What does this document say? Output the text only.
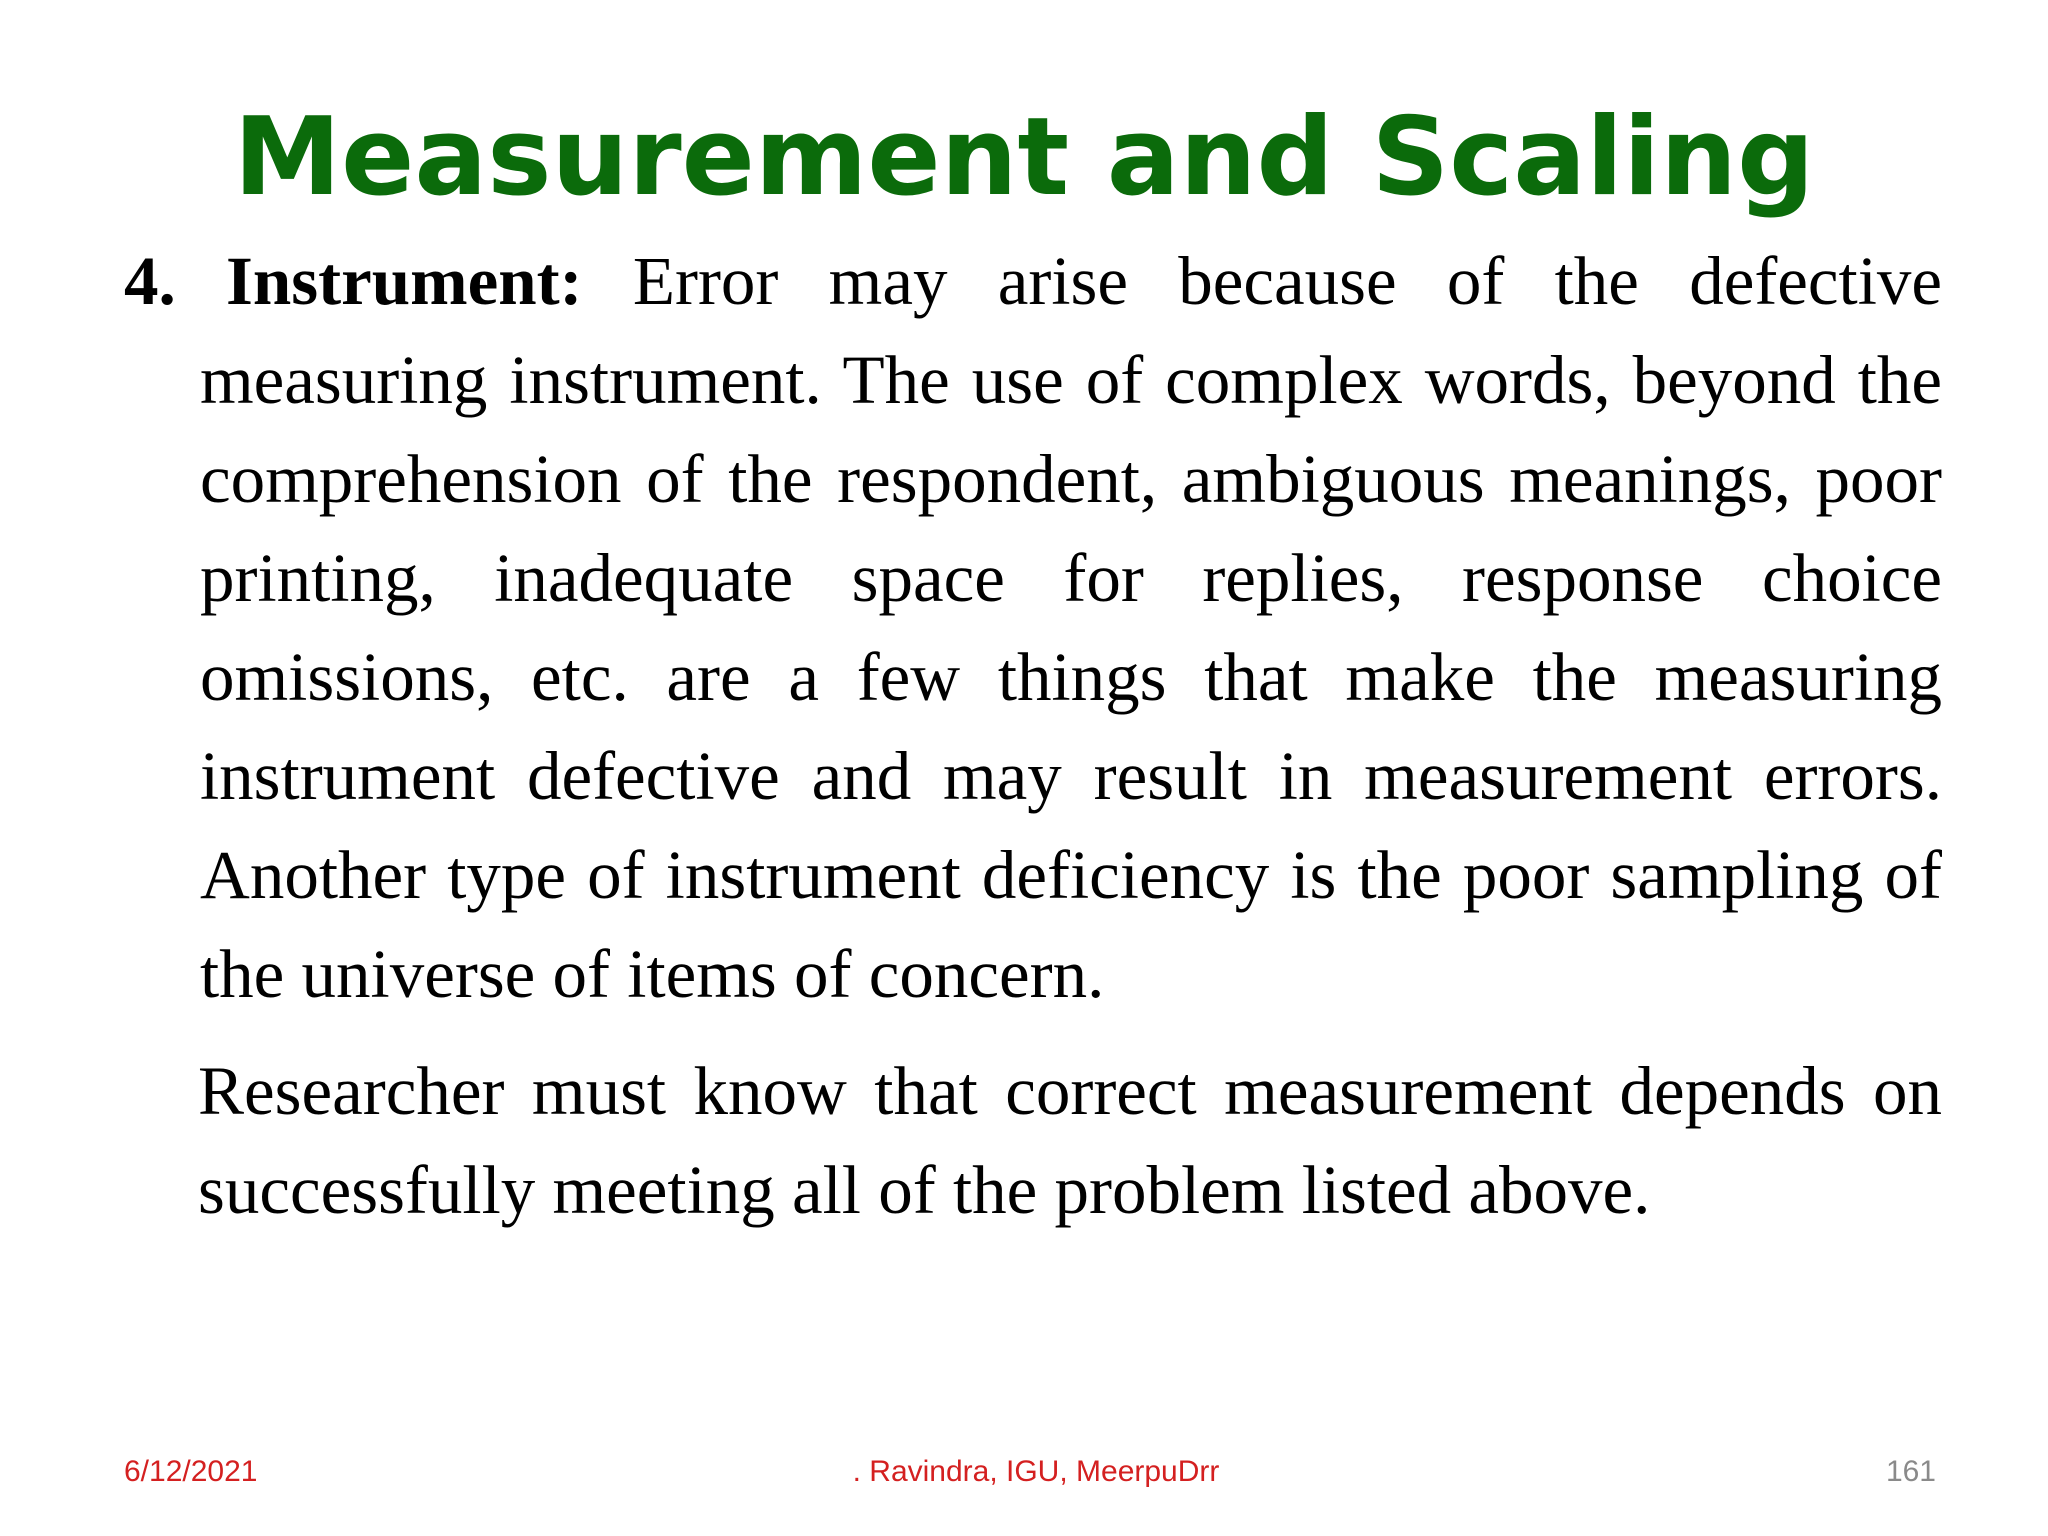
Measurement and Scaling

4. Instrument: Error may arise because of the defective measuring instrument. The use of complex words, beyond the comprehension of the respondent, ambiguous meanings, poor printing, inadequate space for replies, response choice omissions, etc. are a few things that make the measuring instrument defective and may result in measurement errors. Another type of instrument deficiency is the poor sampling of the universe of items of concern.

Researcher must know that correct measurement depends on successfully meeting all of the problem listed above.

6/12/2021	. Ravindra, IGU, MeerpuDrr	161
